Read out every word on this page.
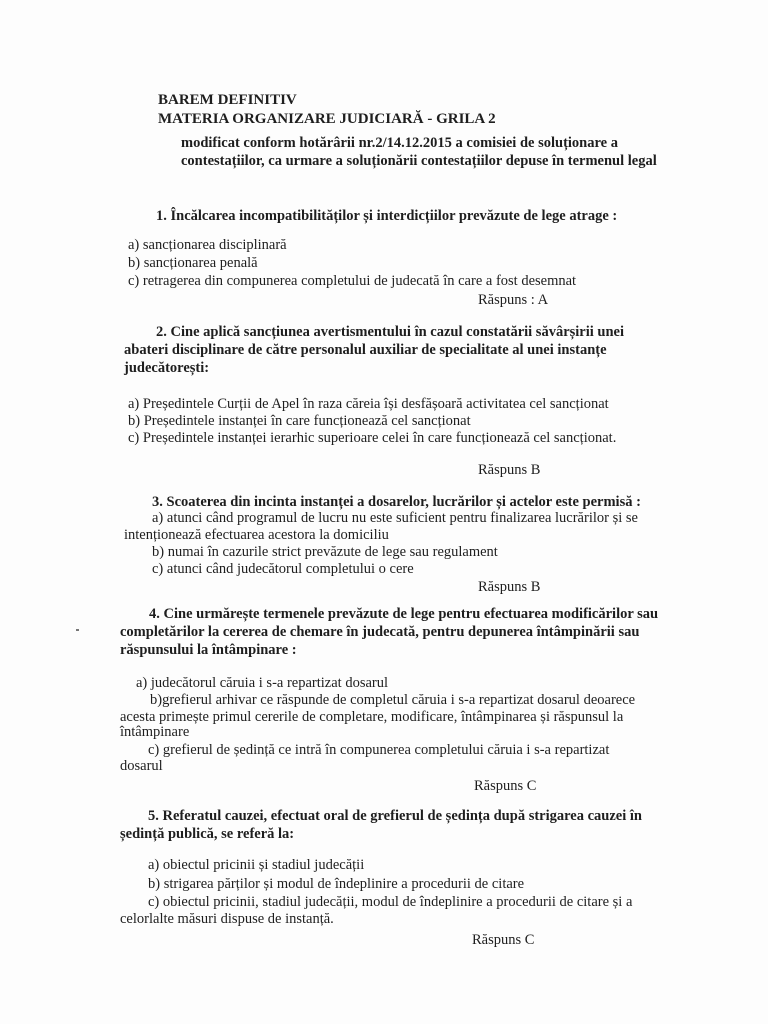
BAREM DEFINITIV
MATERIA ORGANIZARE JUDICIARĂ - GRILA 2
modificat conform hotărârii nr.2/14.12.2015 a comisiei de soluționare a
contestațiilor, ca urmare a soluționării contestațiilor depuse în termenul legal
1. Încălcarea incompatibilităților și interdicțiilor prevăzute de lege atrage :
a) sancționarea disciplinară
b) sancționarea penală
c) retragerea din compunerea completului de judecată în care a fost desemnat
Răspuns : A
2. Cine aplică sancțiunea avertismentului în cazul constatării săvârșirii unei
abateri disciplinare de către personalul auxiliar de specialitate al unei instanțe
judecătorești:
a) Președintele Curții de Apel în raza căreia își desfășoară activitatea cel sancționat
b) Președintele instanței în care funcționează cel sancționat
c) Președintele instanței ierarhic superioare celei în care funcționează cel sancționat.
Răspuns B
3. Scoaterea din incinta instanței a dosarelor, lucrărilor și actelor este permisă :
a) atunci când programul de lucru nu este suficient pentru finalizarea lucrărilor și se
intenționează efectuarea acestora la domiciliu
b) numai în cazurile strict prevăzute de lege sau regulament
c) atunci când judecătorul completului o cere
Răspuns B
4. Cine urmărește termenele prevăzute de lege pentru efectuarea modificărilor sau
completărilor la cererea de chemare în judecată, pentru depunerea întâmpinării sau
răspunsului la întâmpinare :
a) judecătorul căruia i s-a repartizat dosarul
b)grefierul arhivar ce răspunde de completul căruia i s-a repartizat dosarul deoarece
acesta primește primul cererile de completare, modificare, întâmpinarea și răspunsul la
întâmpinare
c) grefierul de ședință ce intră în compunerea completului căruia i s-a repartizat
dosarul
Răspuns C
5. Referatul cauzei, efectuat oral de grefierul de ședința după strigarea cauzei în
ședință publică, se referă la:
a) obiectul pricinii și stadiul judecății
b) strigarea părților și modul de îndeplinire a procedurii de citare
c) obiectul pricinii, stadiul judecății, modul de îndeplinire a procedurii de citare și a
celorlalte măsuri dispuse de instanță.
Răspuns C
